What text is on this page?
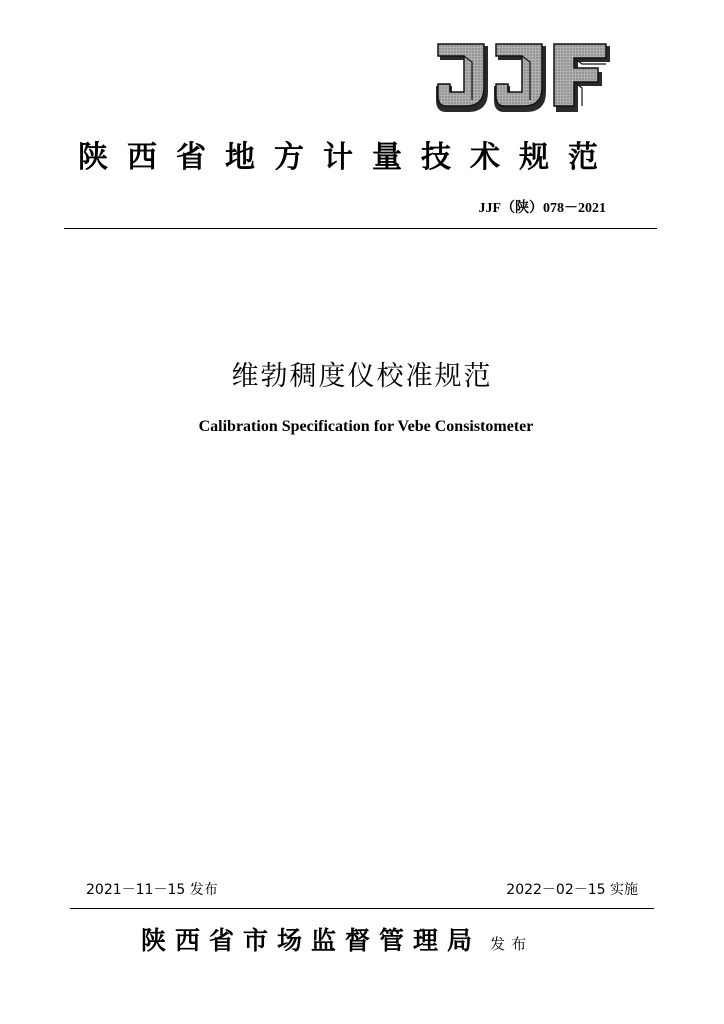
陕西省地方计量技术规范
JJF（陕）078－2021
维勃稠度仪校准规范
Calibration Specification for Vebe Consistometer
2021－11－15 发布	2022－02－15 实施
陕西省市场监督管理局 发布
